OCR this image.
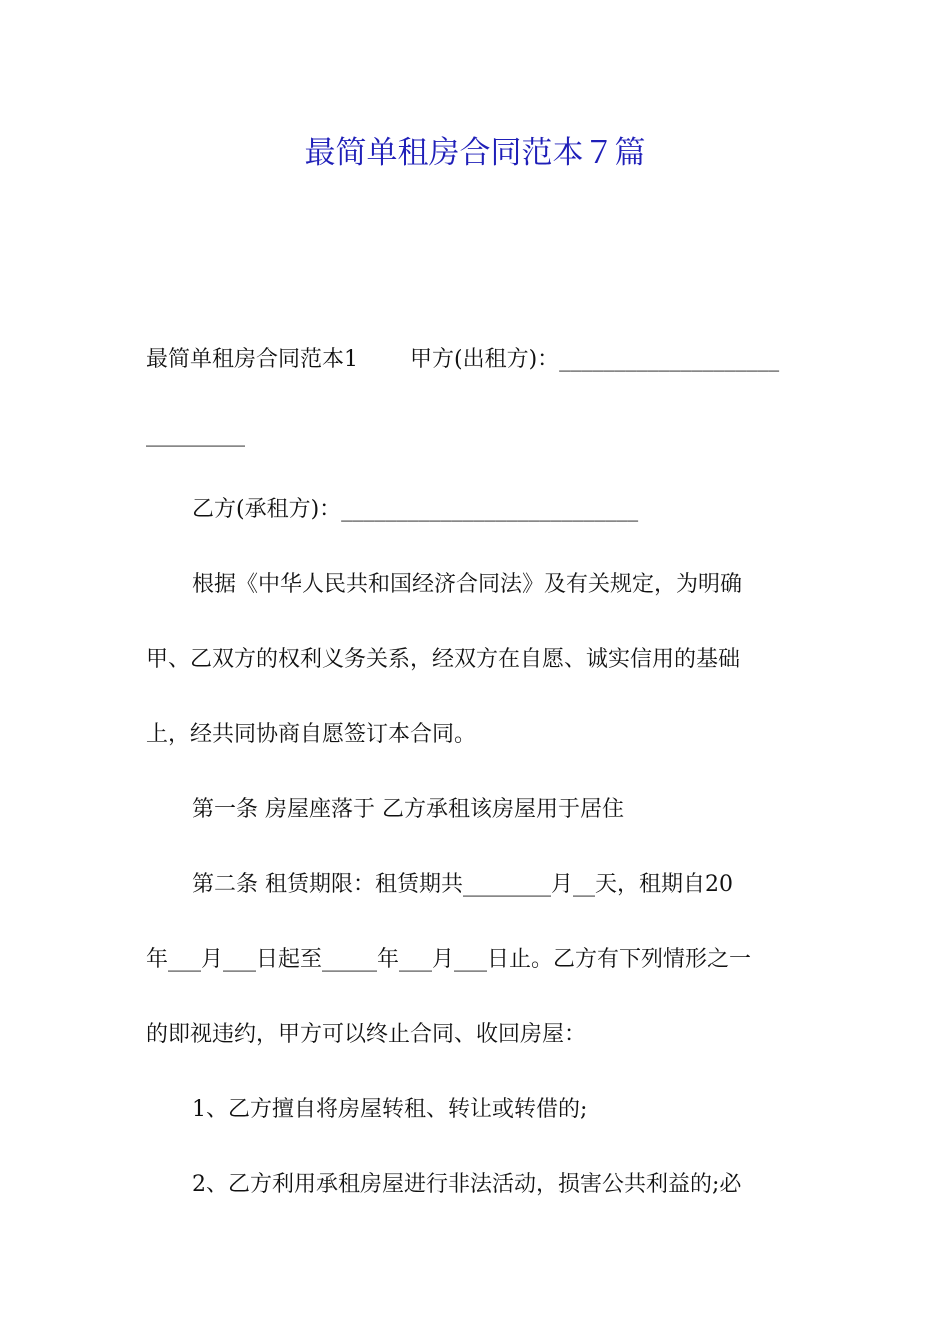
最简单租房合同范本７篇
最简单租房合同范本1 甲方(出租方)：____________________
_________
乙方(承租方)：___________________________
根据《中华人民共和国经济合同法》及有关规定，为明确
甲、乙双方的权利义务关系，经双方在自愿、诚实信用的基础
上，经共同协商自愿签订本合同。
第一条 房屋座落于 乙方承租该房屋用于居住
第二条 租赁期限：租赁期共________月__天，租期自20
年___月___日起至_____年___月___日止。乙方有下列情形之一
的即视违约，甲方可以终止合同、收回房屋：
1、乙方擅自将房屋转租、转让或转借的;
2、乙方利用承租房屋进行非法活动，损害公共利益的;必
